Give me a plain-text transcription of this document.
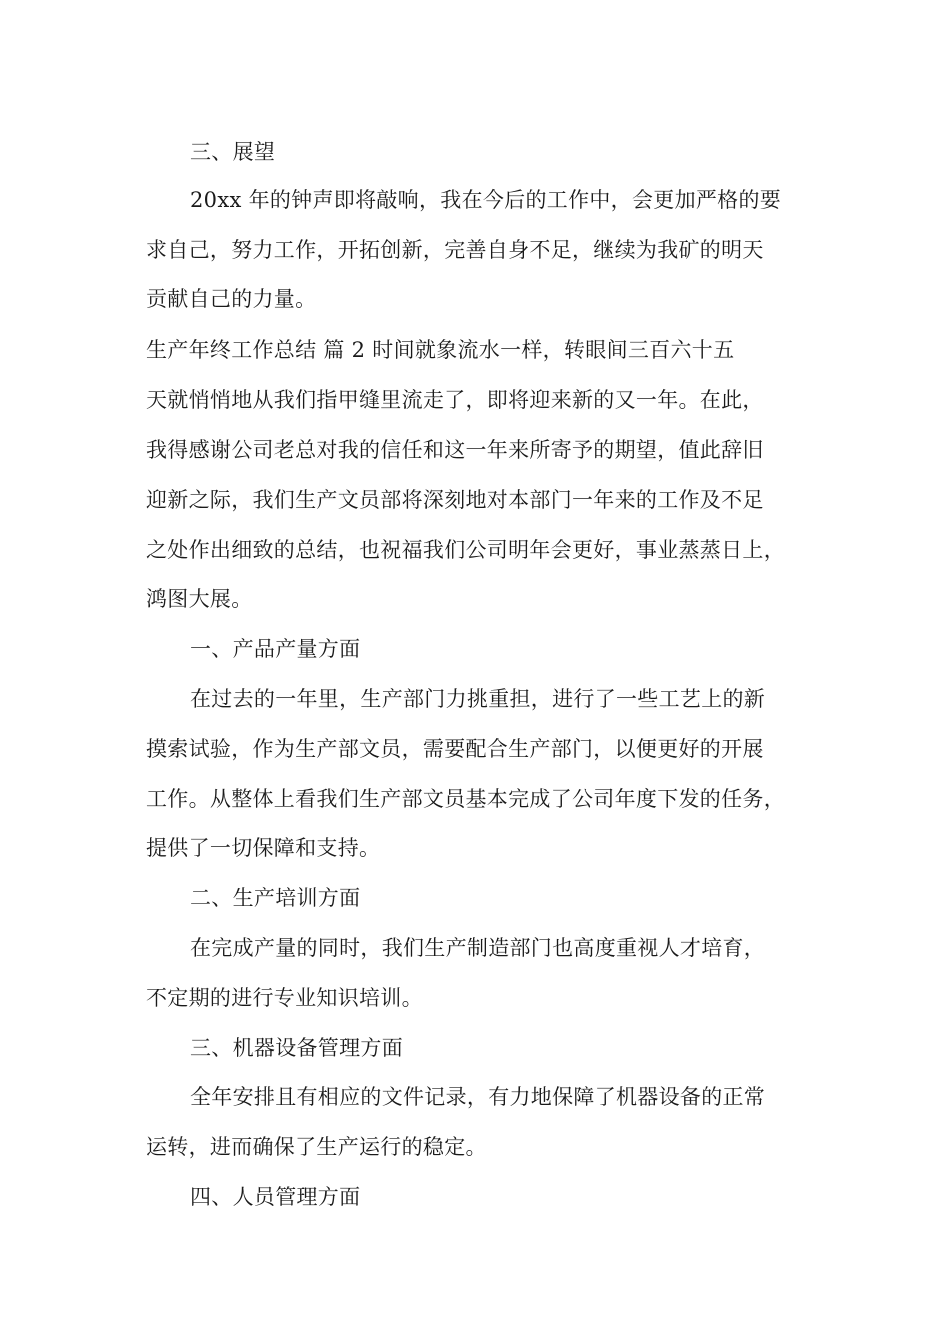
三、展望
20xx 年的钟声即将敲响，我在今后的工作中，会更加严格的要
求自己，努力工作，开拓创新，完善自身不足，继续为我矿的明天
贡献自己的力量。
生产年终工作总结 篇 2 时间就象流水一样，转眼间三百六十五
天就悄悄地从我们指甲缝里流走了，即将迎来新的又一年。在此，
我得感谢公司老总对我的信任和这一年来所寄予的期望，值此辞旧
迎新之际，我们生产文员部将深刻地对本部门一年来的工作及不足
之处作出细致的总结，也祝福我们公司明年会更好，事业蒸蒸日上，
鸿图大展。
一、产品产量方面
在过去的一年里，生产部门力挑重担，进行了一些工艺上的新
摸索试验，作为生产部文员，需要配合生产部门，以便更好的开展
工作。从整体上看我们生产部文员基本完成了公司年度下发的任务，
提供了一切保障和支持。
二、生产培训方面
在完成产量的同时，我们生产制造部门也高度重视人才培育，
不定期的进行专业知识培训。
三、机器设备管理方面
全年安排且有相应的文件记录，有力地保障了机器设备的正常
运转，进而确保了生产运行的稳定。
四、人员管理方面
